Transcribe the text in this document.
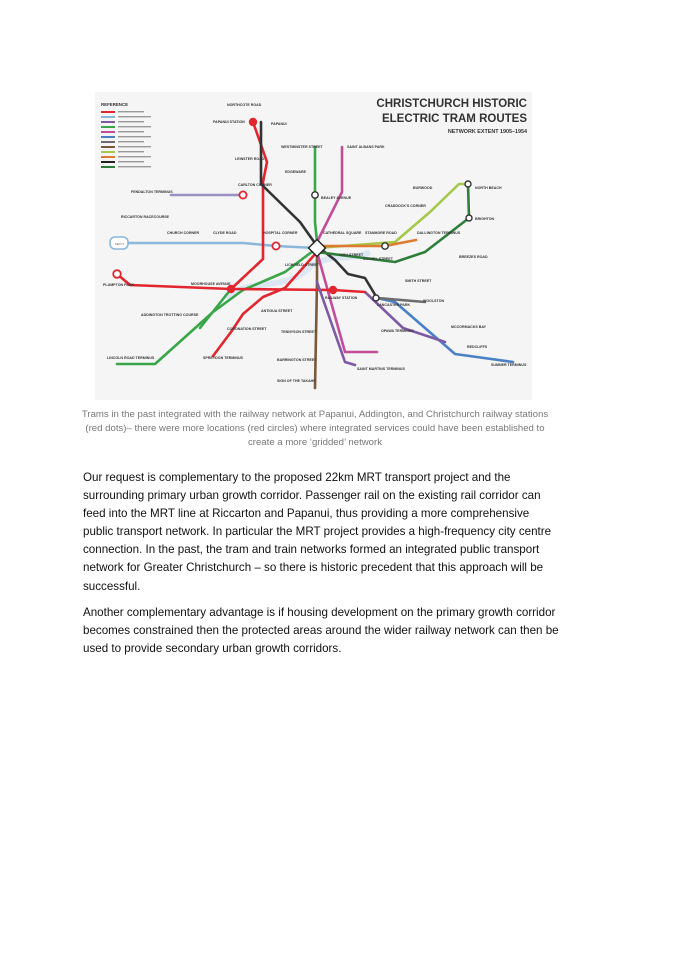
REFERENCE	CHRISTCHURCH HISTORIC
ELECTRIC TRAM ROUTES
NETWORK EXTENT 1905–1954
NORTHCOTE ROAD
PAPANUI STATION	PAPANUI
LEINSTER ROAD
WESTMINSTER STREET	SAINT ALBANS PARK
EDGEWARE
CARLTON CORNER
BEALEY AVENUE
BURWOOD	NORTH BEACH
CRADDOCK'S CORNER
BRIGHTON
FENDALTON TERMINUS
RICCARTON RACECOURSE
CHURCH CORNER	CLYDE ROAD	HOSPITAL CORNER	CATHEDRAL SQUARE STANMORE ROAD	DALLINGTON TERMINUS
HIGH STREET
CASHEL STREET	BREEZES ROAD
LICHFIELD STREET
SMITH STREET
PLUMPTON PARK	MOORHOUSE AVENUE
RAILWAY STATION
LANCASTER PARK
WOOLSTON
ADDINGTON TROTTING COURSE
ANTIGUA STREET
CORONATION STREET
TENNYSON STREET	OPAWA TERMINUS
MCCORMACKS BAY
REDCLIFFS
LINCOLN ROAD TERMINUS	SPREYDON TERMINUS	BARRINGTON STREET
SAINT MARTINS TERMINUS
SUMNER TERMINUS
SIGN OF THE TAKAHE
DEPOT
Trams in the past integrated with the railway network at Papanui, Addington, and Christchurch railway stations (red dots)– there were more locations (red circles) where integrated services could have been established to create a more ‘gridded’ network

Our request is complementary to the proposed 22km MRT transport project and the surrounding primary urban growth corridor. Passenger rail on the existing rail corridor can feed into the MRT line at Riccarton and Papanui, thus providing a more comprehensive public transport network. In particular the MRT project provides a high-frequency city centre connection. In the past, the tram and train networks formed an integrated public transport network for Greater Christchurch – so there is historic precedent that this approach will be successful.

Another complementary advantage is if housing development on the primary growth corridor becomes constrained then the protected areas around the wider railway network can then be used to provide secondary urban growth corridors.
